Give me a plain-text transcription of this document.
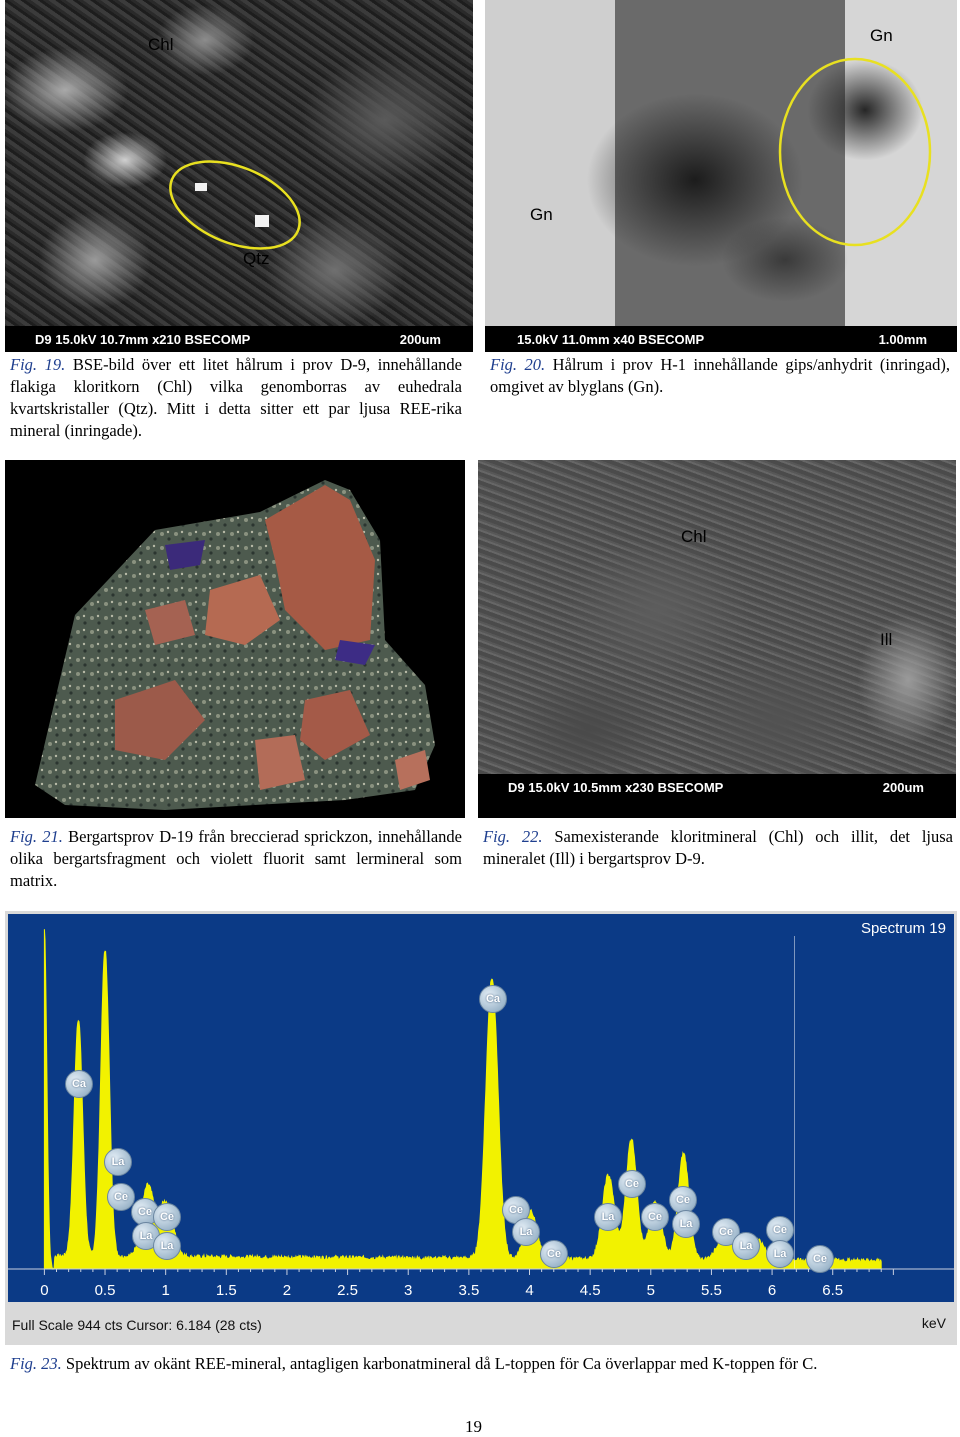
Chl
Qtz
D9 15.0kV 10.7mm x210 BSECOMP	200um
Gn
Gn
15.0kV 11.0mm x40 BSECOMP	1.00mm
Fig. 19. BSE-bild över ett litet hålrum i prov D-9, innehållande flakiga kloritkorn (Chl) vilka genomborras av euhedrala kvartskristaller (Qtz). Mitt i detta sitter ett par ljusa REE-rika mineral (inringade).
Fig. 20. Hålrum i prov H-1 innehållande gips/anhydrit (inringad), omgivet av blyglans (Gn).
Chl
Ill
D9 15.0kV 10.5mm x230 BSECOMP	200um
Fig. 21. Bergartsprov D-19 från breccierad sprickzon, innehållande olika bergartsfragment och violett fluorit samt lermineral som matrix.
Fig. 22. Samexisterande kloritmineral (Chl) och illit, det ljusa mineralet (Ill) i bergartsprov D-9.
0	0.5	1	1.5	2	2.5	3	3.5	4	4.5	5	5.5	6	6.5
Ca
La
Ce
Ce Ce
La
La
Ca
Ce
La
Ce
La
Ce
Ce
Ce
La
Ce
La
Ce
La	Ce
Spectrum 19
Full Scale 944 cts Cursor: 6.184 (28 cts)	keV
Fig. 23. Spektrum av okänt REE-mineral, antagligen karbonatmineral då L-toppen för Ca överlappar med K-toppen för C.
19
